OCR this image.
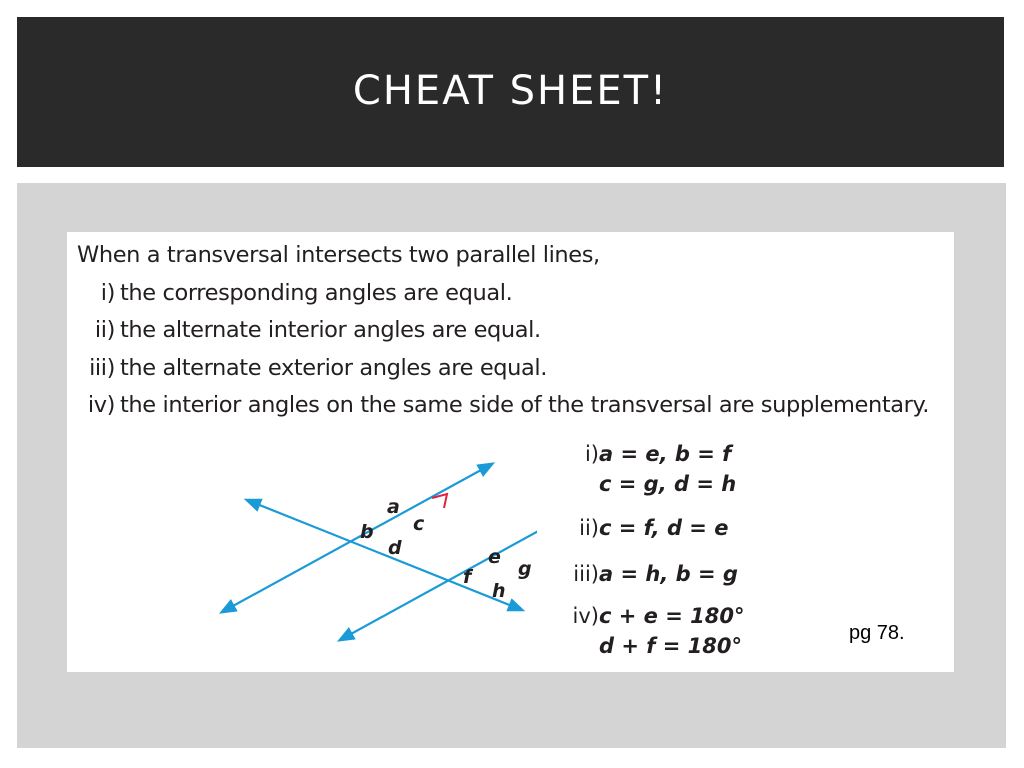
CHEAT SHEET!
When a transversal intersects two parallel lines,
i) the corresponding angles are equal.
ii) the alternate interior angles are equal.
iii) the alternate exterior angles are equal.
iv) the interior angles on the same side of the transversal are supplementary.
a
b c
d	e
f g
h
i)a = e, b = f
c = g, d = h
ii)c = f, d = e
iii)a = h, b = g
iv)c + e = 180°
d + f = 180°
pg 78.
